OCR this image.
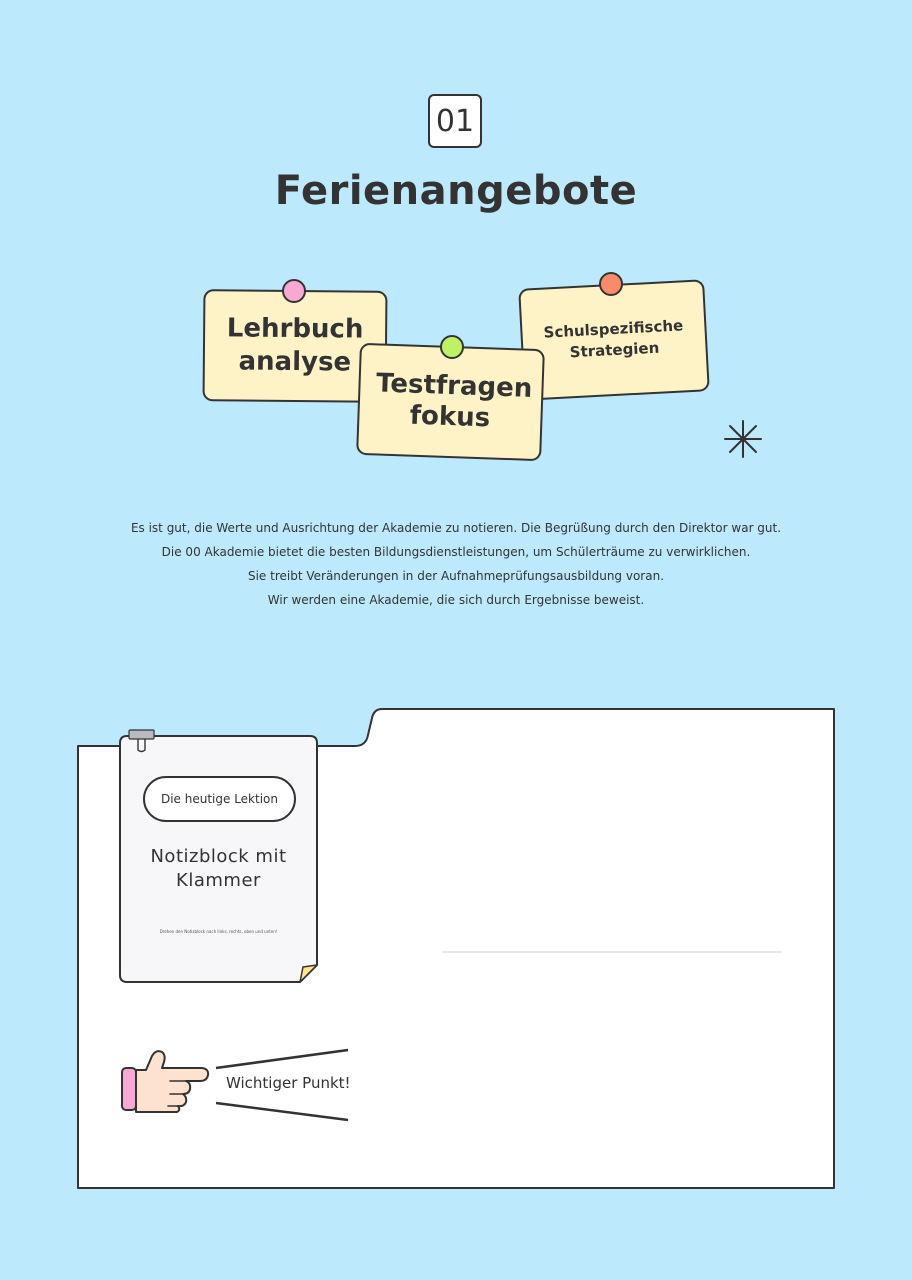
01
Ferienangebote
Lehrbuch analyse
Schulspezifische Strategien
Testfragen fokus
Es ist gut, die Werte und Ausrichtung der Akademie zu notieren. Die Begrüßung durch den Direktor war gut.
Die 00 Akademie bietet die besten Bildungsdienstleistungen, um Schülerträume zu verwirklichen.
Sie treibt Veränderungen in der Aufnahmeprüfungsausbildung voran.
Wir werden eine Akademie, die sich durch Ergebnisse beweist.
Die heutige Lektion
Notizblock mit Klammer
Drehen den Notizblock nach links, rechts, oben und unten!
Wichtiger Punkt!
